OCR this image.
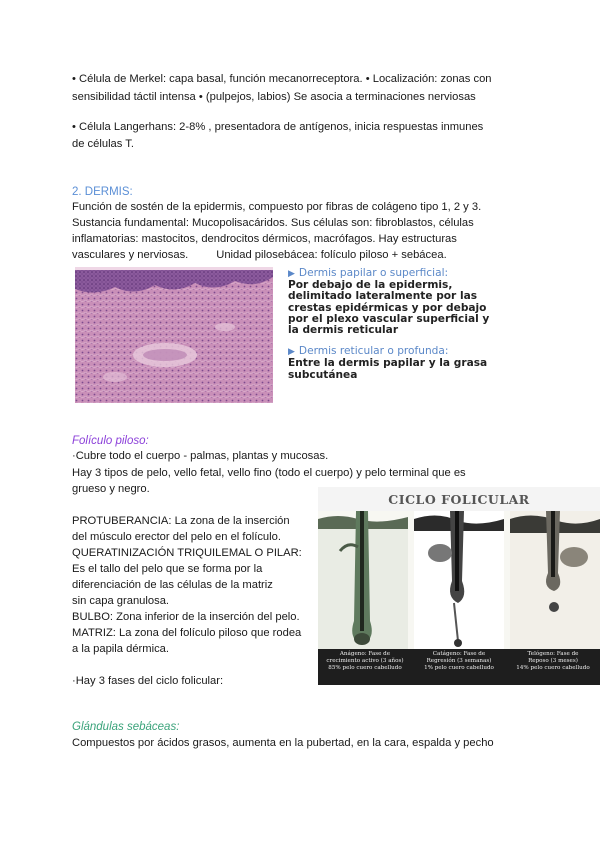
• Célula de Merkel: capa basal, función mecanorreceptora. • Localización: zonas con

sensibilidad táctil intensa • (pulpejos, labios) Se asocia a terminaciones nerviosas

• Célula Langerhans: 2-8% , presentadora de antígenos, inicia respuestas inmunes

de células T.

2. DERMIS:

Función de sostén de la epidermis, compuesto por fibras de colágeno tipo 1, 2 y 3.

Sustancia fundamental: Mucopolisacáridos. Sus células son: fibroblastos, células

inflamatorias: mastocitos, dendrocitos dérmicos, macrófagos. Hay estructuras

vasculares y nerviosas.         Unidad pilosebácea: folículo piloso + sebácea.

▶ Dermis papilar o superficial:
Por debajo de la epidermis,
delimitado lateralmente por las
crestas epidérmicas y por debajo
por el plexo vascular superficial y
la dermis reticular
▶ Dermis reticular o profunda:
Entre la dermis papilar y la grasa
subcutánea

Folículo piloso:

·Cubre todo el cuerpo - palmas, plantas y mucosas.

Hay 3 tipos de pelo, vello fetal, vello fino (todo el cuerpo) y pelo terminal que es

grueso y negro.

PROTUBERANCIA: La zona de la inserción

del músculo erector del pelo en el folículo.

QUERATINIZACIÓN TRIQUILEMAL O PILAR:

Es el tallo del pelo que se forma por la

diferenciación de las células de la matriz

sin capa granulosa.

BULBO: Zona inferior de la inserción del pelo.

MATRIZ: La zona del folículo piloso que rodea

a la papila dérmica.

·Hay 3 fases del ciclo folicular:

CICLO FOLICULAR
Anágeno: Fase de
crecimiento activo (3 años)
85% pelo cuero cabelludo
Catágeno: Fase de
Regresión (3 semanas)
1% pelo cuero cabelludo
Telógeno: Fase de
Reposo (3 meses)
14% pelo cuero cabelludo

Glándulas sebáceas:

Compuestos por ácidos grasos, aumenta en la pubertad, en la cara, espalda y pecho
